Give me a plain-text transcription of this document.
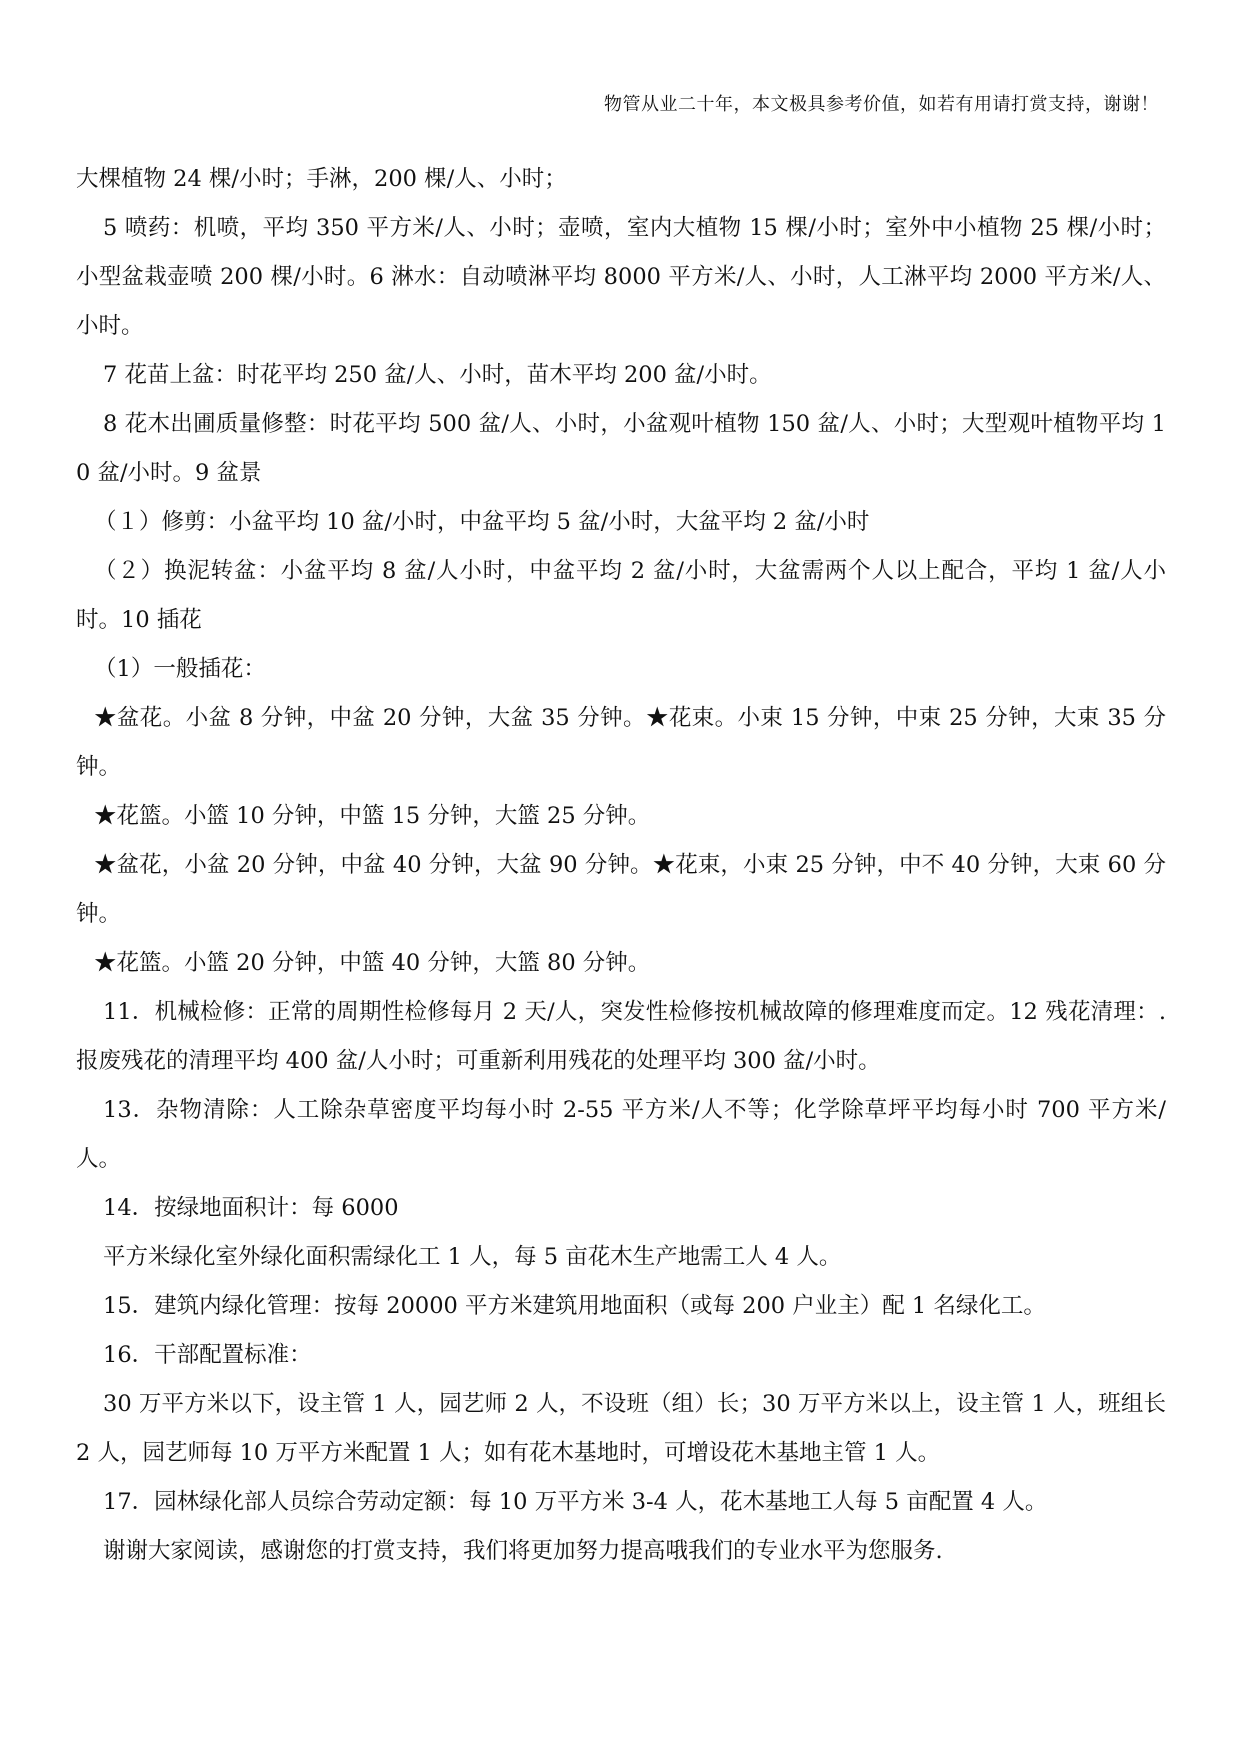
物管从业二十年，本文极具参考价值，如若有用请打赏支持，谢谢！

大棵植物 24 棵/小时；手淋，200 棵/人、小时；

5 喷药：机喷，平均 350 平方米/人、小时；壶喷，室内大植物 15 棵/小时；室外中小植物 25 棵/小时；小型盆栽壶喷 200 棵/小时。6 淋水：自动喷淋平均 8000 平方米/人、小时，人工淋平均 2000 平方米/人、小时。

7 花苗上盆：时花平均 250 盆/人、小时，苗木平均 200 盆/小时。

8 花木出圃质量修整：时花平均 500 盆/人、小时，小盆观叶植物 150 盆/人、小时；大型观叶植物平均 10 盆/小时。9 盆景

（１）修剪：小盆平均 10 盆/小时，中盆平均 5 盆/小时，大盆平均 2 盆/小时

（２）换泥转盆：小盆平均 8 盆/人小时，中盆平均 2 盆/小时，大盆需两个人以上配合，平均 1 盆/人小时。10 插花

（1）一般插花：

★盆花。小盆 8 分钟，中盆 20 分钟，大盆 35 分钟。★花束。小束 15 分钟，中束 25 分钟，大束 35 分钟。

★花篮。小篮 10 分钟，中篮 15 分钟，大篮 25 分钟。

★盆花，小盆 20 分钟，中盆 40 分钟，大盆 90 分钟。★花束，小束 25 分钟，中不 40 分钟，大束 60 分钟。

★花篮。小篮 20 分钟，中篮 40 分钟，大篮 80 分钟。

11．机械检修：正常的周期性检修每月 2 天/人，突发性检修按机械故障的修理难度而定。12 残花清理：. 报废残花的清理平均 400 盆/人小时；可重新利用残花的处理平均 300 盆/小时。

13．杂物清除：人工除杂草密度平均每小时 2-55 平方米/人不等；化学除草坪平均每小时 700 平方米/人。

14．按绿地面积计：每 6000

平方米绿化室外绿化面积需绿化工 1 人，每 5 亩花木生产地需工人 4 人。

15．建筑内绿化管理：按每 20000 平方米建筑用地面积（或每 200 户业主）配 1 名绿化工。

16．干部配置标准：

30 万平方米以下，设主管 1 人，园艺师 2 人，不设班（组）长；30 万平方米以上，设主管 1 人，班组长 2 人，园艺师每 10 万平方米配置 1 人；如有花木基地时，可增设花木基地主管 1 人。

17．园林绿化部人员综合劳动定额：每 10 万平方米 3-4 人，花木基地工人每 5 亩配置 4 人。

谢谢大家阅读，感谢您的打赏支持，我们将更加努力提高哦我们的专业水平为您服务.
